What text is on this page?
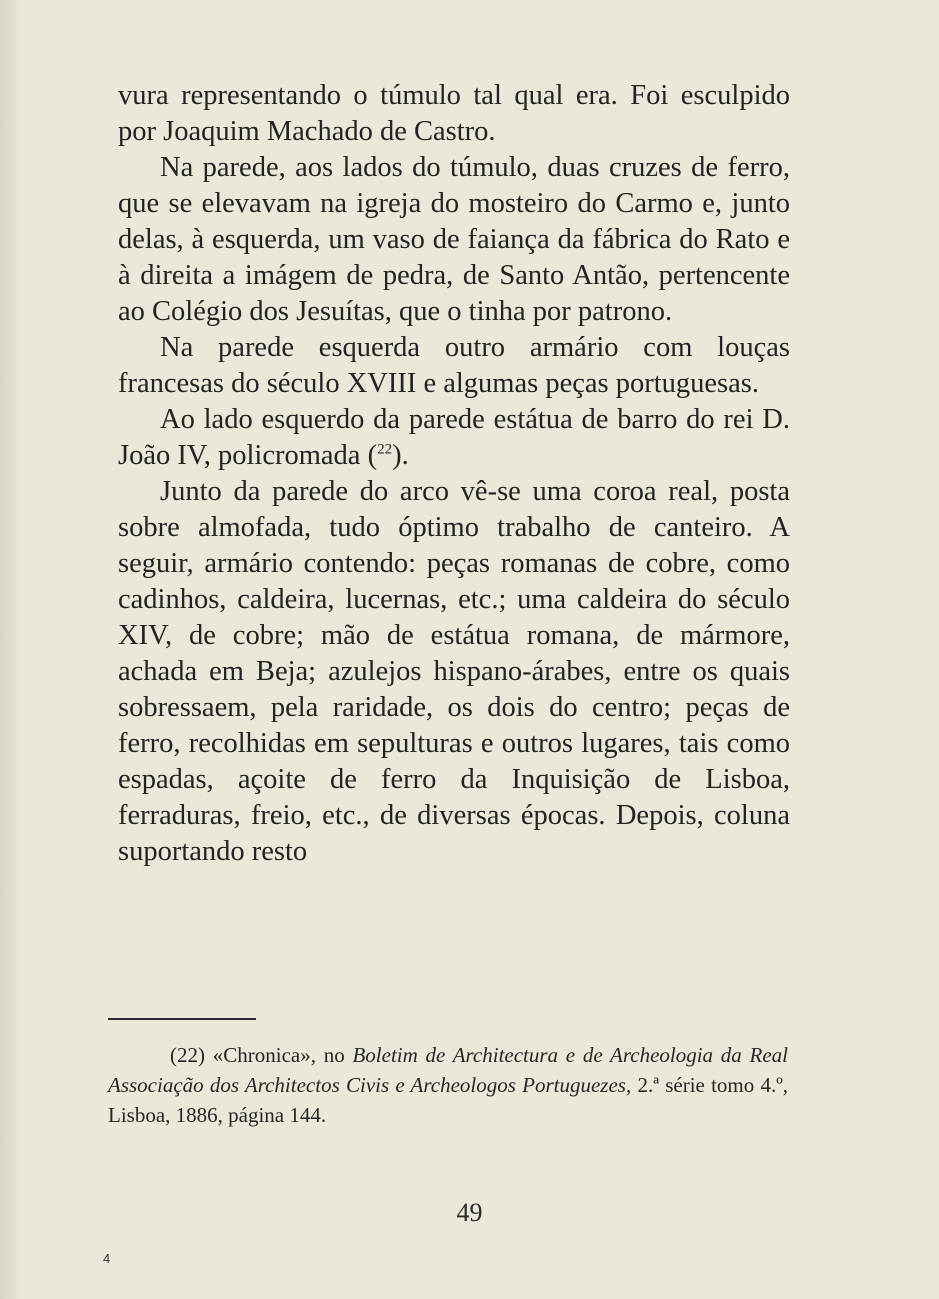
vura representando o túmulo tal qual era. Foi esculpido por Joaquim Machado de Castro.

Na parede, aos lados do túmulo, duas cruzes de ferro, que se elevavam na igreja do mosteiro do Carmo e, junto delas, à esquerda, um vaso de faiança da fábrica do Rato e à direita a imágem de pedra, de Santo Antão, pertencente ao Colégio dos Jesuítas, que o tinha por patrono.

Na parede esquerda outro armário com louças francesas do século XVIII e algumas peças portuguesas.

Ao lado esquerdo da parede estátua de barro do rei D. João IV, policromada ($^{22}$).

Junto da parede do arco vê-se uma coroa real, posta sobre almofada, tudo óptimo trabalho de canteiro. A seguir, armário contendo: peças romanas de cobre, como cadinhos, caldeira, lucernas, etc.; uma caldeira do século XIV, de cobre; mão de estátua romana, de mármore, achada em Beja; azulejos hispano-árabes, entre os quais sobressaem, pela raridade, os dois do centro; peças de ferro, recolhidas em sepulturas e outros lugares, tais como espadas, açoite de ferro da Inquisição de Lisboa, ferraduras, freio, etc., de diversas épocas. Depois, coluna suportando resto

(22) «Chronica», no Boletim de Architectura e de Archeologia da Real Associação dos Architectos Civis e Archeologos Portuguezes, 2.ª série tomo 4.º, Lisboa, 1886, página 144.

49
4
